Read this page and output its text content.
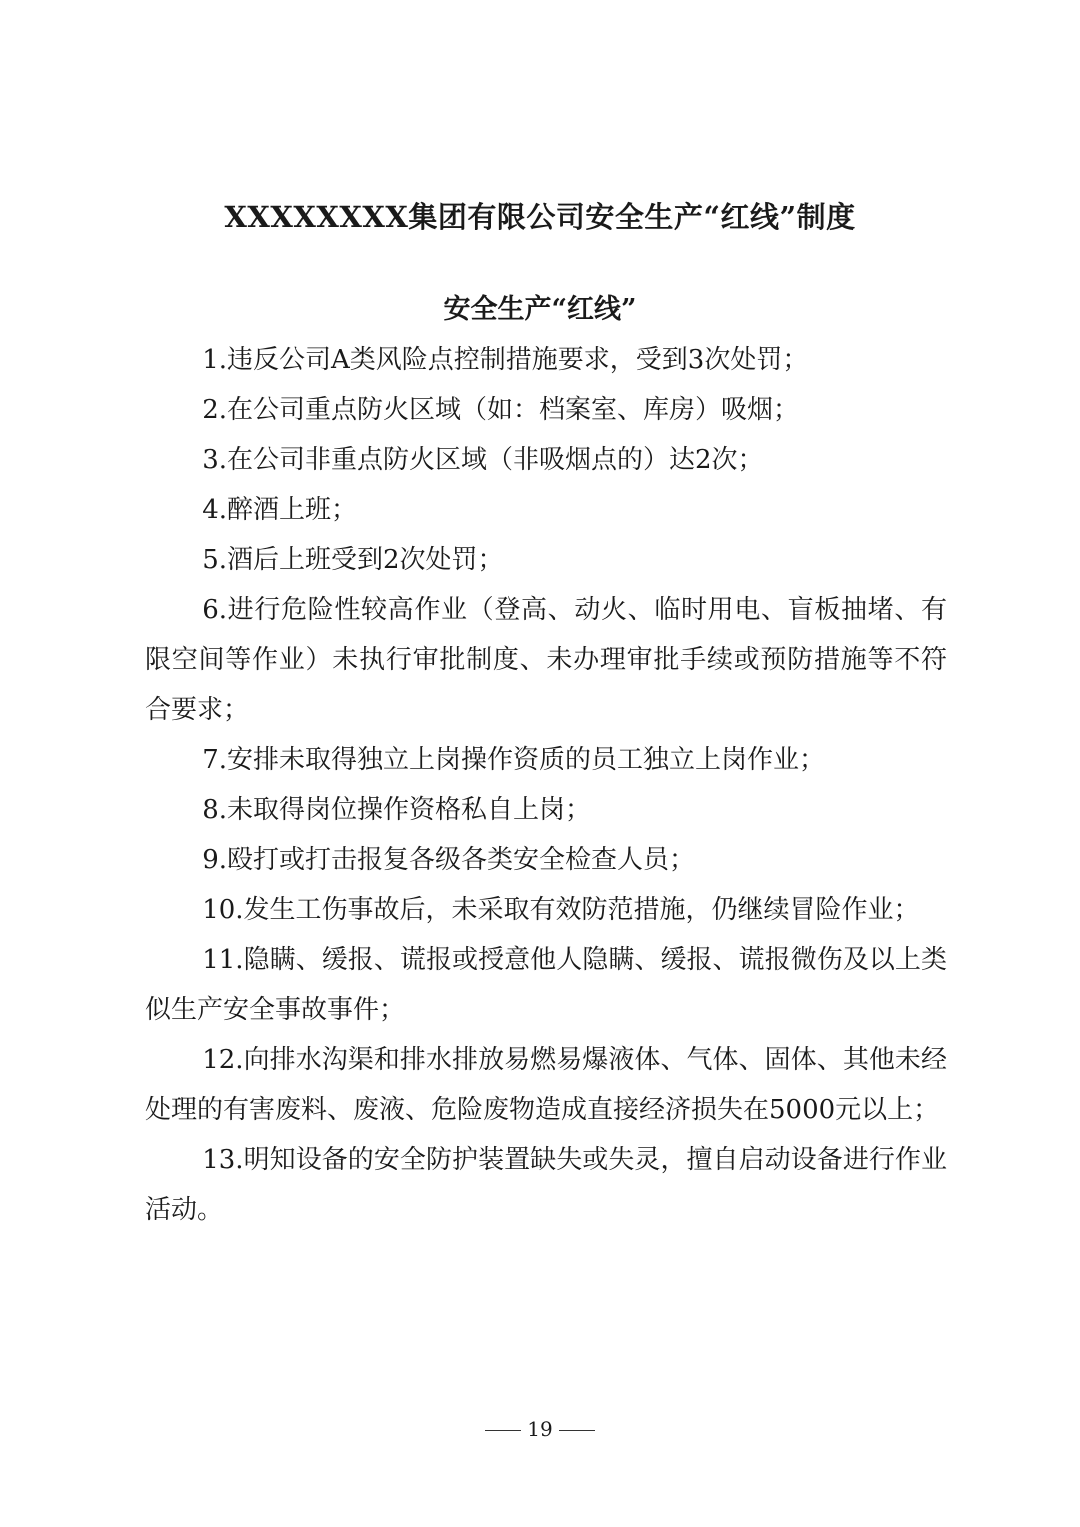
XXXXXXXX集团有限公司安全生产“红线”制度
安全生产“红线”

1.违反公司A类风险点控制措施要求，受到3次处罚；

2.在公司重点防火区域（如：档案室、库房）吸烟；

3.在公司非重点防火区域（非吸烟点的）达2次；

4.醉酒上班；

5.酒后上班受到2次处罚；

6.进行危险性较高作业（登高、动火、临时用电、盲板抽堵、有限空间等作业）未执行审批制度、未办理审批手续或预防措施等不符合要求；

7.安排未取得独立上岗操作资质的员工独立上岗作业；

8.未取得岗位操作资格私自上岗；

9.殴打或打击报复各级各类安全检查人员；

10.发生工伤事故后，未采取有效防范措施，仍继续冒险作业；

11.隐瞒、缓报、谎报或授意他人隐瞒、缓报、谎报微伤及以上类似生产安全事故事件；

12.向排水沟渠和排水排放易燃易爆液体、气体、固体、其他未经处理的有害废料、废液、危险废物造成直接经济损失在5000元以上；

13.明知设备的安全防护装置缺失或失灵，擅自启动设备进行作业活动。

19
